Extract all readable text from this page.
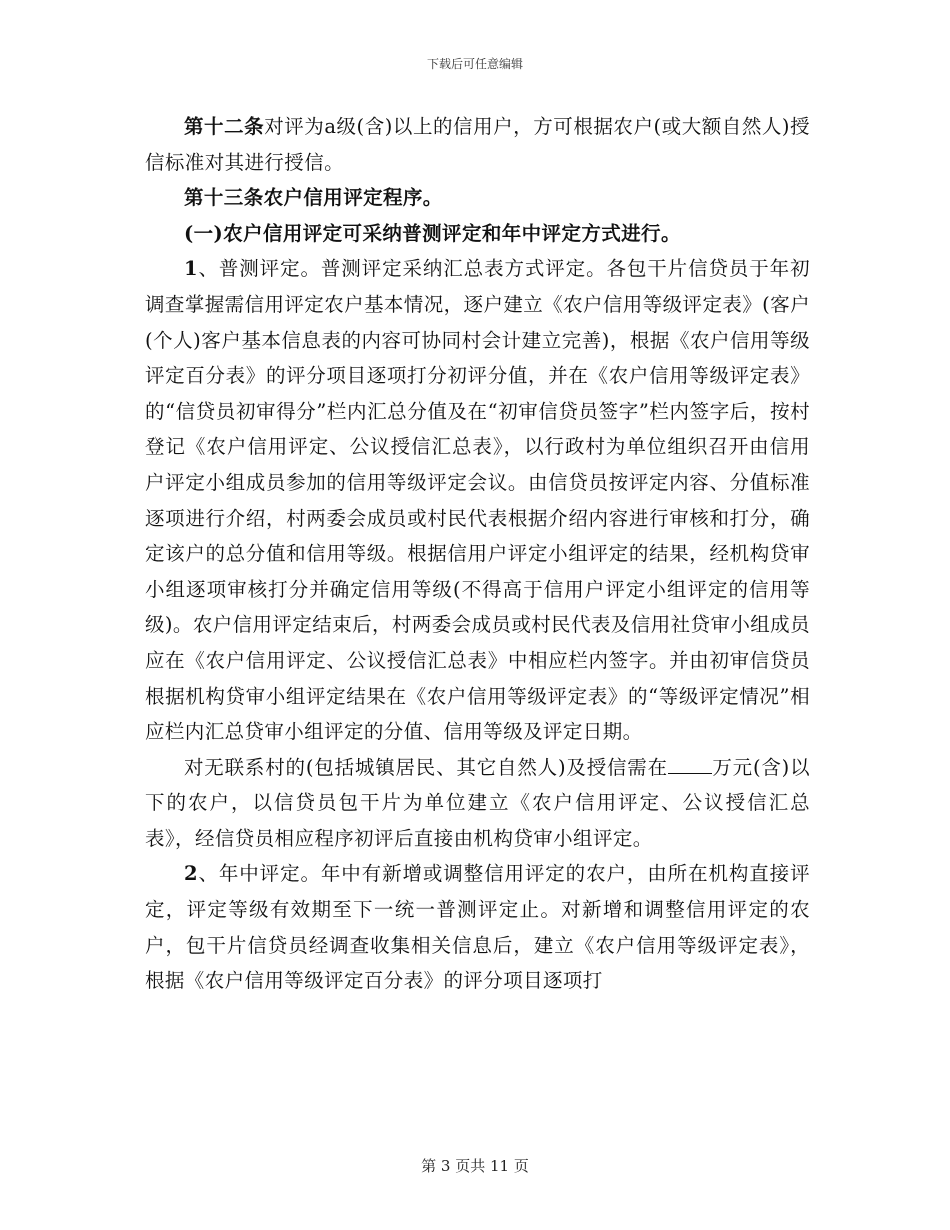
下载后可任意编辑

第十二条对评为a级(含)以上的信用户，方可根据农户(或大额自然人)授信标准对其进行授信。

第十三条农户信用评定程序。

(一)农户信用评定可采纳普测评定和年中评定方式进行。

1、普测评定。普测评定采纳汇总表方式评定。各包干片信贷员于年初调查掌握需信用评定农户基本情况，逐户建立《农户信用等级评定表》(客户(个人)客户基本信息表的内容可协同村会计建立完善)，根据《农户信用等级评定百分表》的评分项目逐项打分初评分值，并在《农户信用等级评定表》的“信贷员初审得分”栏内汇总分值及在“初审信贷员签字”栏内签字后，按村登记《农户信用评定、公议授信汇总表》，以行政村为单位组织召开由信用户评定小组成员参加的信用等级评定会议。由信贷员按评定内容、分值标准逐项进行介绍，村两委会成员或村民代表根据介绍内容进行审核和打分，确定该户的总分值和信用等级。根据信用户评定小组评定的结果，经机构贷审小组逐项审核打分并确定信用等级(不得高于信用户评定小组评定的信用等级)。农户信用评定结束后，村两委会成员或村民代表及信用社贷审小组成员应在《农户信用评定、公议授信汇总表》中相应栏内签字。并由初审信贷员根据机构贷审小组评定结果在《农户信用等级评定表》的“等级评定情况”相应栏内汇总贷审小组评定的分值、信用等级及评定日期。

对无联系村的(包括城镇居民、其它自然人)及授信需在 万元(含)以下的农户，以信贷员包干片为单位建立《农户信用评定、公议授信汇总表》，经信贷员相应程序初评后直接由机构贷审小组评定。

2、年中评定。年中有新增或调整信用评定的农户，由所在机构直接评定，评定等级有效期至下一统一普测评定止。对新增和调整信用评定的农户，包干片信贷员经调查收集相关信息后，建立《农户信用等级评定表》，根据《农户信用等级评定百分表》的评分项目逐项打

第 3 页共 11 页
